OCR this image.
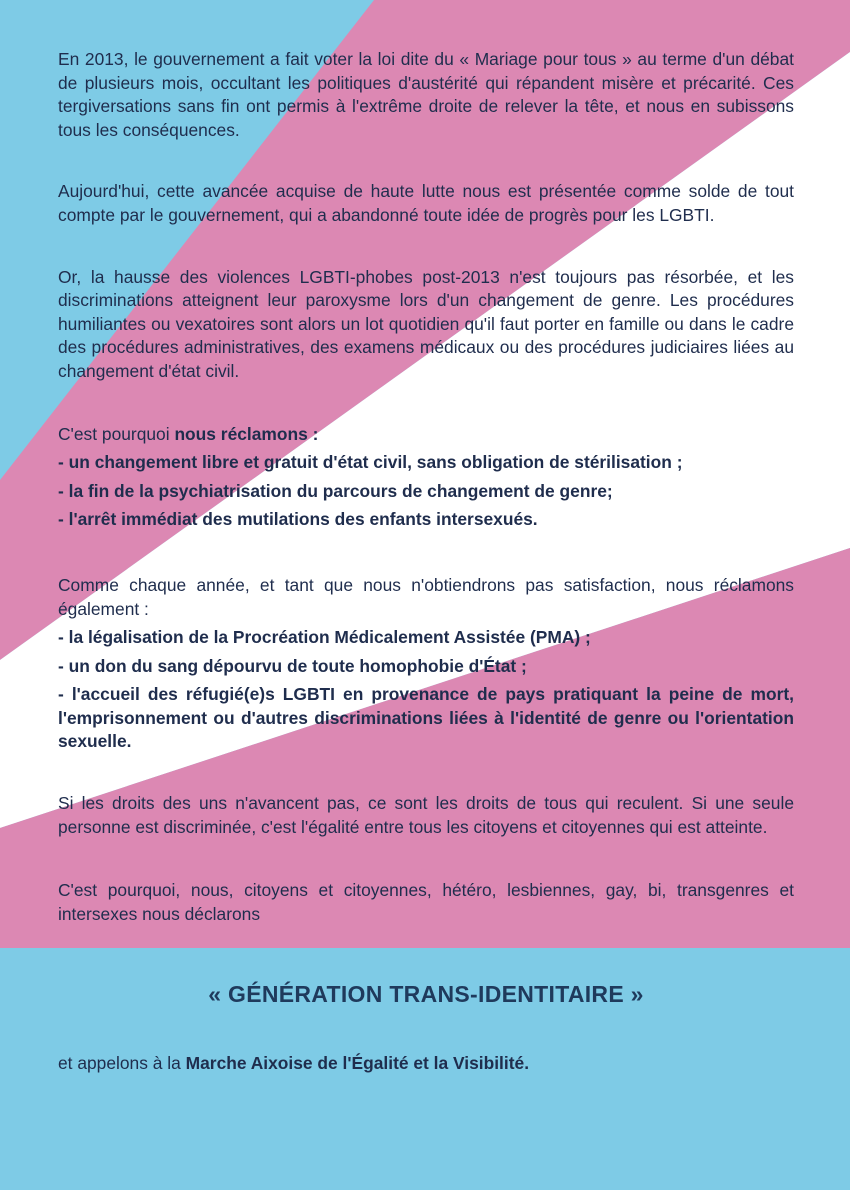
En 2013, le gouvernement a fait voter la loi dite du « Mariage pour tous » au terme d'un débat de plusieurs mois, occultant les politiques d'austérité qui répandent misère et précarité. Ces tergiversations sans fin ont permis à l'extrême droite de relever la tête, et nous en subissons tous les conséquences.

Aujourd'hui, cette avancée acquise de haute lutte nous est présentée comme solde de tout compte par le gouvernement, qui a abandonné toute idée de progrès pour les LGBTI.

Or, la hausse des violences LGBTI-phobes post-2013 n'est toujours pas résorbée, et les discriminations atteignent leur paroxysme lors d'un changement de genre. Les procédures humiliantes ou vexatoires sont alors un lot quotidien qu'il faut porter en famille ou dans le cadre des procédures administratives, des examens médicaux ou des procédures judiciaires liées au changement d'état civil.

C'est pourquoi nous réclamons :

- un changement libre et gratuit d'état civil, sans obligation de stérilisation ;
- la fin de la psychiatrisation du parcours de changement de genre;
- l'arrêt immédiat des mutilations des enfants intersexués.

Comme chaque année, et tant que nous n'obtiendrons pas satisfaction, nous réclamons également :

- la légalisation de la Procréation Médicalement Assistée (PMA) ;
- un don du sang dépourvu de toute homophobie d'État ;
- l'accueil des réfugié(e)s LGBTI en provenance de pays pratiquant la peine de mort, l'emprisonnement ou d'autres discriminations liées à l'identité de genre ou l'orientation sexuelle.

Si les droits des uns n'avancent pas, ce sont les droits de tous qui reculent. Si une seule personne est discriminée, c'est l'égalité entre tous les citoyens et citoyennes qui est atteinte.

C'est pourquoi, nous, citoyens et citoyennes, hétéro, lesbiennes, gay, bi, transgenres et intersexes nous déclarons

« GÉNÉRATION TRANS-IDENTITAIRE »

et appelons à la Marche Aixoise de l'Égalité et la Visibilité.
